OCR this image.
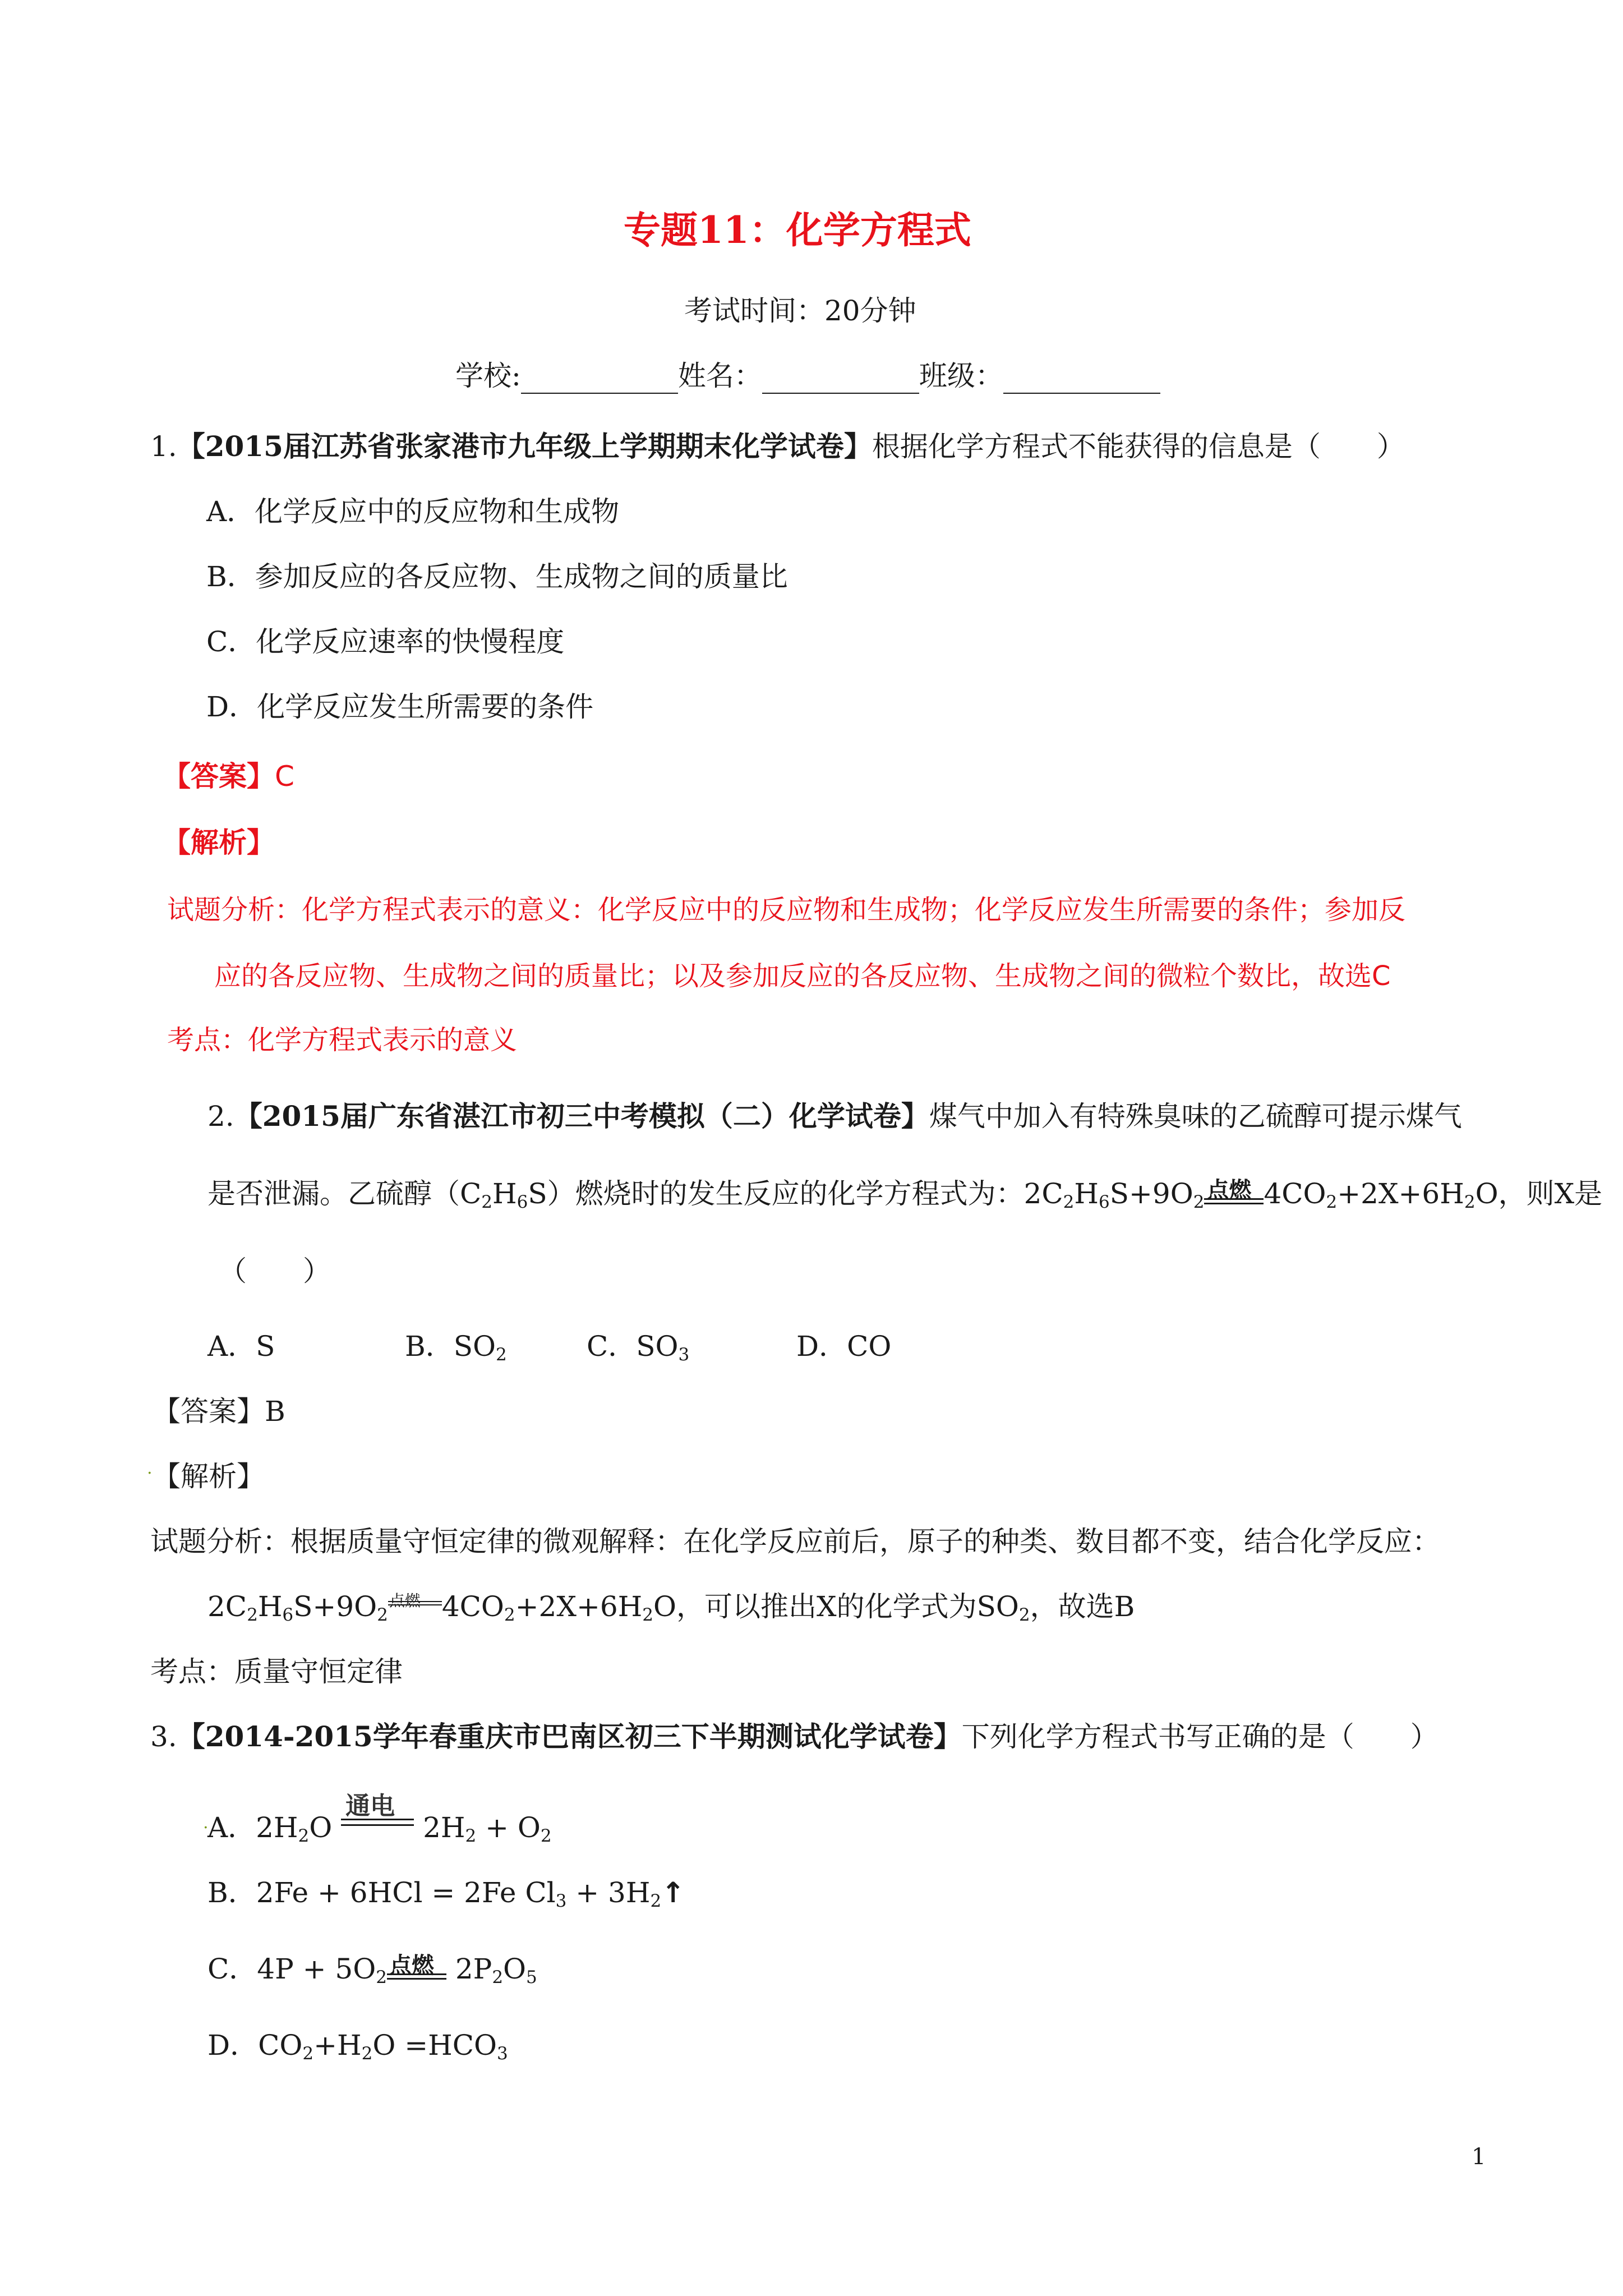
专题11：化学方程式
考试时间：20分钟
学校:	姓名：	班级：
1.【2015届江苏省张家港市九年级上学期期末化学试卷】根据化学方程式不能获得的信息是（　　）
A．化学反应中的反应物和生成物
B．参加反应的各反应物、生成物之间的质量比
C．化学反应速率的快慢程度
D．化学反应发生所需要的条件
【答案】C
【解析】
试题分析：化学方程式表示的意义：化学反应中的反应物和生成物；化学反应发生所需要的条件；参加反
应的各反应物、生成物之间的质量比；以及参加反应的各反应物、生成物之间的微粒个数比，故选C
考点：化学方程式表示的意义
2.【2015届广东省湛江市初三中考模拟（二）化学试卷】煤气中加入有特殊臭味的乙硫醇可提示煤气
是否泄漏。乙硫醇$(C_2H_6S)$燃烧时的发生反应的化学方程式为：$2C_2H_6S+9O_2$ 点燃 $4CO_2+2X+6H_2O$，则X是
（　　）
A．S	B．$SO_2$	C．$SO_3$	D．CO
【答案】B
. 【解析】
试题分析：根据质量守恒定律的微观解释：在化学反应前后，原子的种类、数目都不变，结合化学反应：
$2C_2H_6S+9O_2$
点燃 $4CO_2+2X+6H_2O$，可以推出X的化学式为$SO_2$，故选B
考点：质量守恒定律
3.【2014-2015学年春重庆市巴南区初三下半期测试化学试卷】下列化学方程式书写正确的是（　　）
.
A．$2H_2O$
通电
$2H_2 + O_2$
B．2Fe + 6HCl = 2Fe $Cl_3$ + $3H_2↑$
C．$4P + 5O_2$ 点燃 $2P_2O_5$
D．$CO_2+H_2O =HCO_3$
1
